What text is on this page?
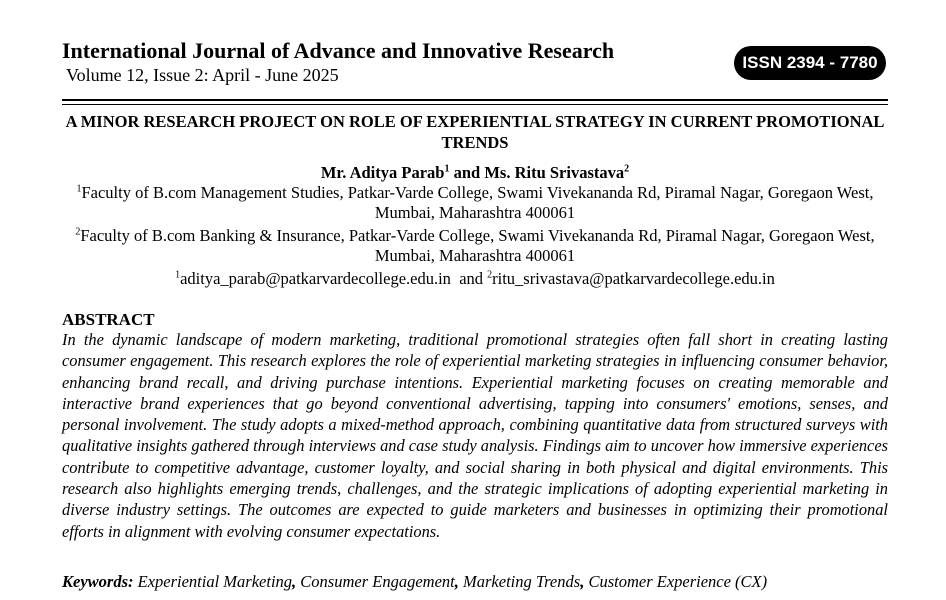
International Journal of Advance and Innovative Research
Volume 12, Issue 2: April - June 2025
ISSN 2394 - 7780
A MINOR RESEARCH PROJECT ON ROLE OF EXPERIENTIAL STRATEGY IN CURRENT PROMOTIONAL TRENDS
Mr. Aditya Parab$^1$ and Ms. Ritu Srivastava$^2$
$^1$Faculty of B.com Management Studies, Patkar-Varde College, Swami Vivekananda Rd, Piramal Nagar, Goregaon West, Mumbai, Maharashtra 400061
$^2$Faculty of B.com Banking & Insurance, Patkar-Varde College, Swami Vivekananda Rd, Piramal Nagar, Goregaon West, Mumbai, Maharashtra 400061
$^1$aditya_parab@patkarvardecollege.edu.in  and $^2$ritu_srivastava@patkarvardecollege.edu.in
ABSTRACT
In the dynamic landscape of modern marketing, traditional promotional strategies often fall short in creating lasting consumer engagement. This research explores the role of experiential marketing strategies in influencing consumer behavior, enhancing brand recall, and driving purchase intentions. Experiential marketing focuses on creating memorable and interactive brand experiences that go beyond conventional advertising, tapping into consumers' emotions, senses, and personal involvement. The study adopts a mixed-method approach, combining quantitative data from structured surveys with qualitative insights gathered through interviews and case study analysis. Findings aim to uncover how immersive experiences contribute to competitive advantage, customer loyalty, and social sharing in both physical and digital environments. This research also highlights emerging trends, challenges, and the strategic implications of adopting experiential marketing in diverse industry settings. The outcomes are expected to guide marketers and businesses in optimizing their promotional efforts in alignment with evolving consumer expectations.
Keywords: Experiential Marketing, Consumer Engagement, Marketing Trends, Customer Experience (CX)
